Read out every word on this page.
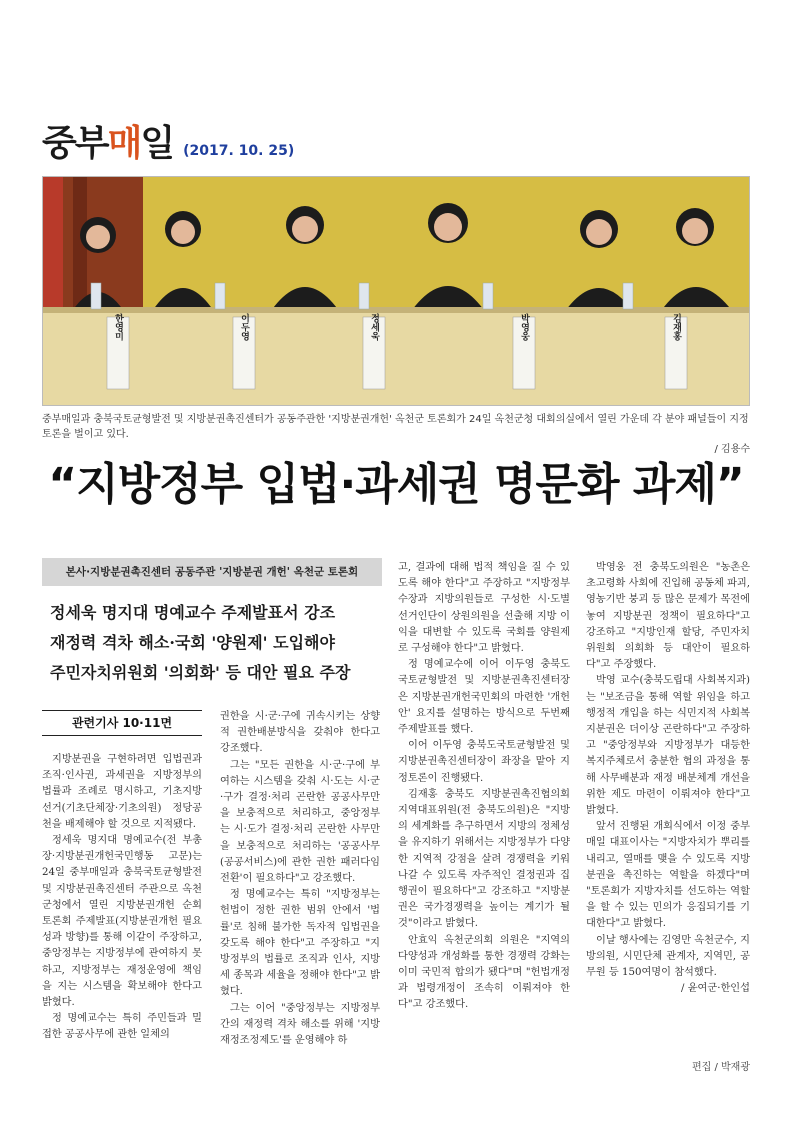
중부매일 (2017. 10. 25)
한영미	이두영	정세욱	박영웅	김재홍
중부매일과 충북국토균형발전 및 지방분권촉진센터가 공동주관한 '지방분권개헌' 옥천군 토론회가 24일 옥천군청 대회의실에서 열린 가운데 각 분야 패널들이 지정토론을 벌이고 있다.
/ 김용수
“지방정부 입법·과세권 명문화 과제”
본사·지방분권촉진센터 공동주관 '지방분권 개헌' 옥천군 토론회
정세욱 명지대 명예교수 주제발표서 강조
재정력 격차 해소·국회 '양원제' 도입해야
주민자치위원회 '의회화' 등 대안 필요 주장
관련기사 10·11면

지방분권을 구현하려면 입법권과 조직·인사권, 과세권을 지방정부의 법률과 조례로 명시하고, 기초지방선거(기초단체장·기초의원) 정당공천을 배제해야 할 것으로 지적됐다.

정세욱 명지대 명예교수(전 부총장·지방분권개헌국민행동 고문)는 24일 중부매일과 충북국토균형발전 및 지방분권촉진센터 주관으로 옥천군청에서 열린 지방분권개헌 순회 토론회 주제발표(지방분권개헌 필요성과 방향)를 통해 이같이 주장하고, 중앙정부는 지방정부에 관여하지 못하고, 지방정부는 재정운영에 책임을 지는 시스템을 확보해야 한다고 밝혔다.

정 명예교수는 특히 주민들과 밀접한 공공사무에 관한 일체의

권한을 시·군·구에 귀속시키는 상향적 권한배분방식을 갖춰야 한다고 강조했다.

그는 "모든 권한을 시·군·구에 부여하는 시스템을 갖춰 시·도는 시·군·구가 결정·처리 곤란한 공공사무만을 보충적으로 처리하고, 중앙정부는 시·도가 결정·처리 곤란한 사무만을 보충적으로 처리하는 '공공사무(공공서비스)에 관한 권한 패러다임 전환'이 필요하다"고 강조했다.

정 명예교수는 특히 "지방정부는 헌법이 정한 권한 범위 안에서 '법률'로 침해 불가한 독자적 입법권을 갖도록 해야 한다"고 주장하고 "지방정부의 법률로 조직과 인사, 지방세 종목과 세율을 정해야 한다"고 밝혔다.

그는 이어 "중앙정부는 지방정부 간의 재정력 격차 해소를 위해 '지방재정조정제도'를 운영해야 하

고, 결과에 대해 법적 책임을 질 수 있도록 해야 한다"고 주장하고 "지방정부 수장과 지방의원들로 구성한 시·도별 선거인단이 상원의원을 선출해 지방 이익을 대변할 수 있도록 국회를 양원제로 구성해야 한다"고 밝혔다.

정 명예교수에 이어 이두영 충북도 국토균형발전 및 지방분권촉진센터장은 지방분권개헌국민회의 마련한 '개헌안' 요지를 설명하는 방식으로 두번째 주제발표를 했다.

이어 이두영 충북도국토균형발전 및 지방분권촉진센터장이 좌장을 맡아 지정토론이 진행됐다.

김재홍 충북도 지방분권촉진협의회 지역대표위원(전 충북도의원)은 "지방의 세계화를 추구하면서 지방의 정체성을 유지하기 위해서는 지방정부가 다양한 지역적 강점을 살려 경쟁력을 키워 나갈 수 있도록 자주적인 결정권과 집행권이 필요하다"고 강조하고 "지방분권은 국가경쟁력을 높이는 계기가 될 것"이라고 밝혔다.

안효익 옥천군의회 의원은 "지역의 다양성과 개성화를 통한 경쟁력 강화는 이미 국민적 합의가 됐다"며 "헌법개정과 법령개정이 조속히 이뤄져야 한다"고 강조했다.

박영웅 전 충북도의원은 "농촌은 초고령화 사회에 진입해 공동체 파괴, 영농기반 붕괴 등 많은 문제가 목전에 놓여 지방분권 정책이 필요하다"고 강조하고 "지방인재 할당, 주민자치위원회 의회화 등 대안이 필요하다"고 주장했다.

박영 교수(충북도립대 사회복지과)는 "보조금을 통해 역할 위임을 하고 행정적 개입을 하는 식민지적 사회복지분권은 더이상 곤란하다"고 주장하고 "중앙정부와 지방정부가 대등한 복지주체로서 충분한 협의 과정을 통해 사무배분과 재정 배분체계 개선을 위한 제도 마련이 이뤄져야 한다"고 밝혔다.

앞서 진행된 개회식에서 이정 중부매일 대표이사는 "지방자치가 뿌리를 내리고, 열매를 맺을 수 있도록 지방분권을 촉진하는 역할을 하겠다"며 "토론회가 지방자치를 선도하는 역할을 할 수 있는 민의가 응집되기를 기대한다"고 밝혔다.

이날 행사에는 김영만 옥천군수, 지방의원, 시민단체 관계자, 지역민, 공무원 등 150여명이 참석했다.

/ 윤여군·한인섭
편집 / 박재광
